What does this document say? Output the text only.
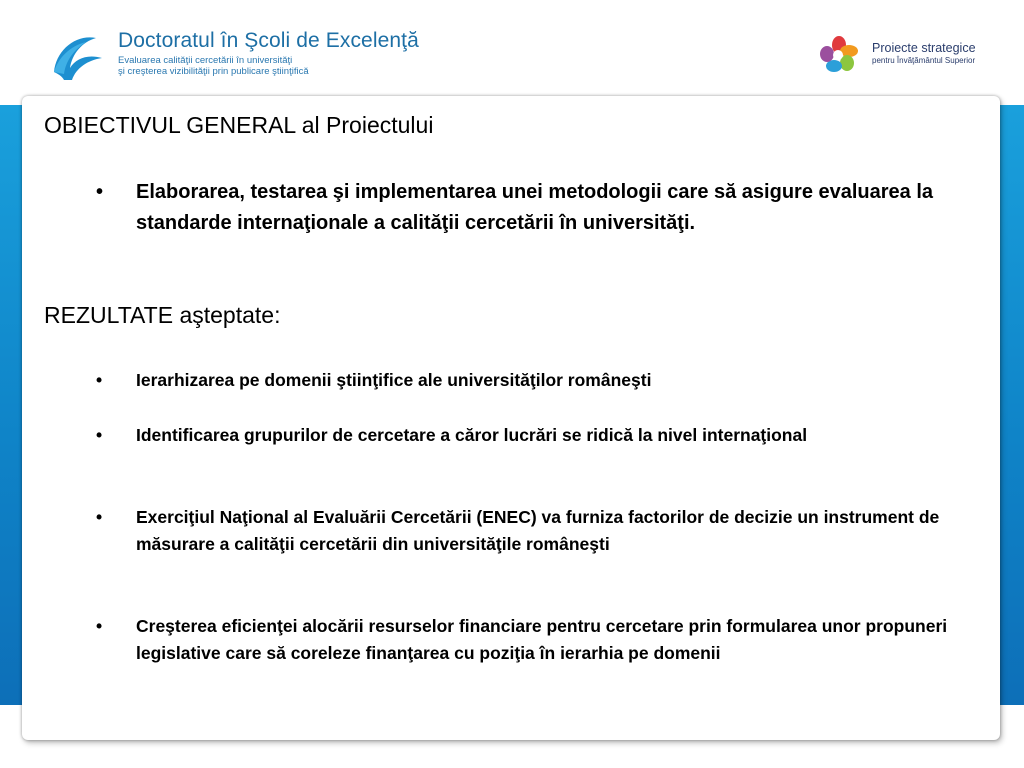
Doctoratul în Şcoli de Excelenţă
Evaluarea calităţii cercetării în universităţi
şi creşterea vizibilităţii prin publicare ştiinţifică
Proiecte strategice
pentru Învăţământul Superior
OBIECTIVUL GENERAL al Proiectului
• Elaborarea, testarea şi implementarea unei metodologii care să asigure evaluarea la standarde internaţionale a calităţii cercetării în universităţi.
REZULTATE aşteptate:
• Ierarhizarea pe domenii ştiinţifice ale universităţilor româneşti
• Identificarea grupurilor de cercetare a căror lucrări se ridică la nivel internaţional
• Exerciţiul Naţional al Evaluării Cercetării (ENEC) va furniza factorilor de decizie un instrument de măsurare a calităţii cercetării din universităţile româneşti
• Creşterea eficienţei alocării resurselor financiare pentru cercetare prin formularea unor propuneri legislative care să coreleze finanţarea cu poziţia în ierarhia pe domenii
